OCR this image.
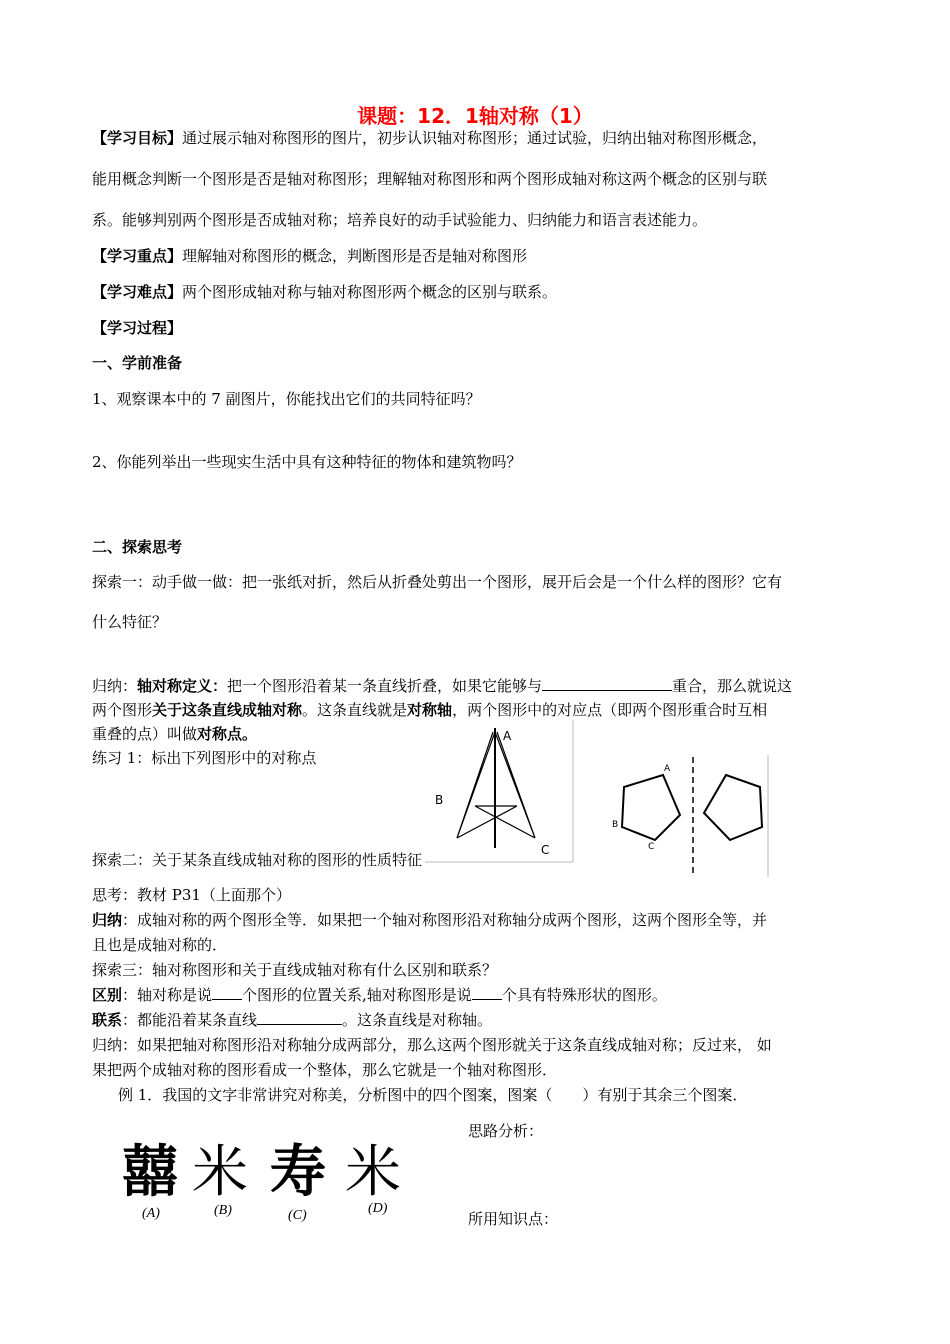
课题：12．1轴对称（1）
【学习目标】通过展示轴对称图形的图片，初步认识轴对称图形；通过试验，归纳出轴对称图形概念，
能用概念判断一个图形是否是轴对称图形；理解轴对称图形和两个图形成轴对称这两个概念的区别与联
系。能够判别两个图形是否成轴对称；培养良好的动手试验能力、归纳能力和语言表述能力。
【学习重点】理解轴对称图形的概念，判断图形是否是轴对称图形
【学习难点】两个图形成轴对称与轴对称图形两个概念的区别与联系。
【学习过程】
一、学前准备
1、观察课本中的 7 副图片，你能找出它们的共同特征吗？
2、你能列举出一些现实生活中具有这种特征的物体和建筑物吗？
二、探索思考
探索一：动手做一做：把一张纸对折，然后从折叠处剪出一个图形，展开后会是一个什么样的图形？它有
什么特征？
归纳：轴对称定义：把一个图形沿着某一条直线折叠，如果它能够与	重合，那么就说这
两个图形关于这条直线成轴对称。这条直线就是对称轴，两个图形中的对应点（即两个图形重合时互相
重叠的点）叫做对称点。
练习 1：标出下列图形中的对称点
A
B
C
A
B
C
探索二：关于某条直线成轴对称的图形的性质特征
思考：教材 P31（上面那个）
归纳：成轴对称的两个图形全等．如果把一个轴对称图形沿对称轴分成两个图形，这两个图形全等，并
且也是成轴对称的．
探索三：轴对称图形和关于直线成轴对称有什么区别和联系？
区别：轴对称是说 个图形的位置关系,轴对称图形是说 个具有特殊形状的图形。
联系：都能沿着某条直线	。这条直线是对称轴。
归纳：如果把轴对称图形沿对称轴分成两部分，那么这两个图形就关于这条直线成轴对称；反过来， 如
果把两个成轴对称的图形看成一个整体，那么它就是一个轴对称图形．
例 1．我国的文字非常讲究对称美，分析图中的四个图案，图案（　　）有别于其余三个图案．
思路分析：
所用知识点：
囍 米 寿 米
(A)	(B)	(C)	(D)
